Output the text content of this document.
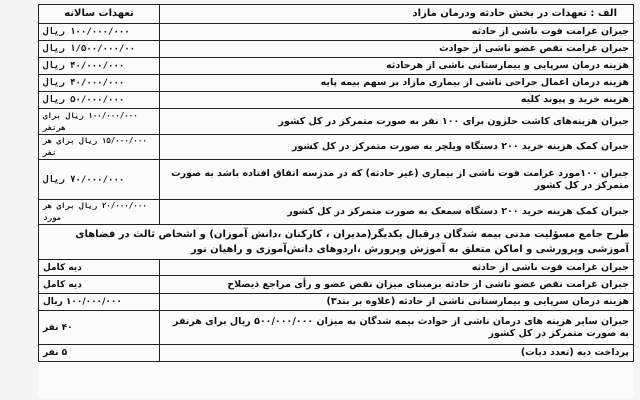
الف : تعهدات در بخش حادثه ودرمان مازاد	تعهدات سالانه
جبران غرامت فوت ناشی از حادثه	۱۰۰/۰۰۰/۰۰۰ ریال
جبران غرامت نقص عضو ناشی از حوادث	۱/۵۰۰/۰۰۰/۰۰ ریال
هزینه درمان سرپایی و بیمارستانی ناشی از هرحادثه	۴۰/۰۰۰/۰۰۰ ریال
هزینه درمان اعمال جراحی ناشی از بیماری مازاد بر سهم بیمه پایه	۴۰/۰۰۰/۰۰۰ ریال
هزینه خرید و پیوند کلیه	۵۰/۰۰۰/۰۰۰ ریال
جبران هزینه‌های کاشت حلزون برای ۱۰۰ نفر به صورت متمرکز در کل کشور	۱۰۰/۰۰۰/۰۰۰ ریال برای هرنفر
جبران کمک هزینه خرید ۲۰۰ دستگاه ویلچر به صورت متمرکز در کل کشور	۱۵/۰۰۰/۰۰۰ ریال برای هر نفر
جبران ۱۰۰مورد غرامت فوت ناشی از بیماری (غیر حادثه) که در مدرسه اتفاق افتاده باشد به صورت متمرکز در کل کشور	۷۰/۰۰۰/۰۰۰ ریال
جبران کمک هزینه خرید ۲۰۰ دستگاه سمعک به صورت متمرکز در کل کشور	۲۰/۰۰۰/۰۰۰ ریال برای هر مورد
طرح جامع مسؤلیت مدنی بیمه شدگان درقبال یکدیگر(مدیران ، کارکنان ،دانش آموزان) و اشخاص ثالث در فضاهای آموزشی وپرورشی و اماکن متعلق به آموزش وپرورش ،اردوهای دانش‌آموزی و راهیان نور
جبران غرامت فوت ناشی از حادثه	دیه کامل
جبران غرامت نقص عضو ناشی از حادثه برمبنای میزان نقص عضو و رأی مراجع ذیصلاح	دیه کامل
هزینه درمان سرپایی و بیمارستانی ناشی از حادثه (علاوه بر بند۳)	۱۰۰/۰۰۰/۰۰۰ ریال
جبران سایر هزینه های درمان ناشی از حوادث بیمه شدگان به میزان ۵۰۰/۰۰۰/۰۰۰ ریال برای هرنفر به صورت متمرکز در کل کشور	۴۰ نفر
پرداخت دیه (تعدد دیات)	۵ نفر
